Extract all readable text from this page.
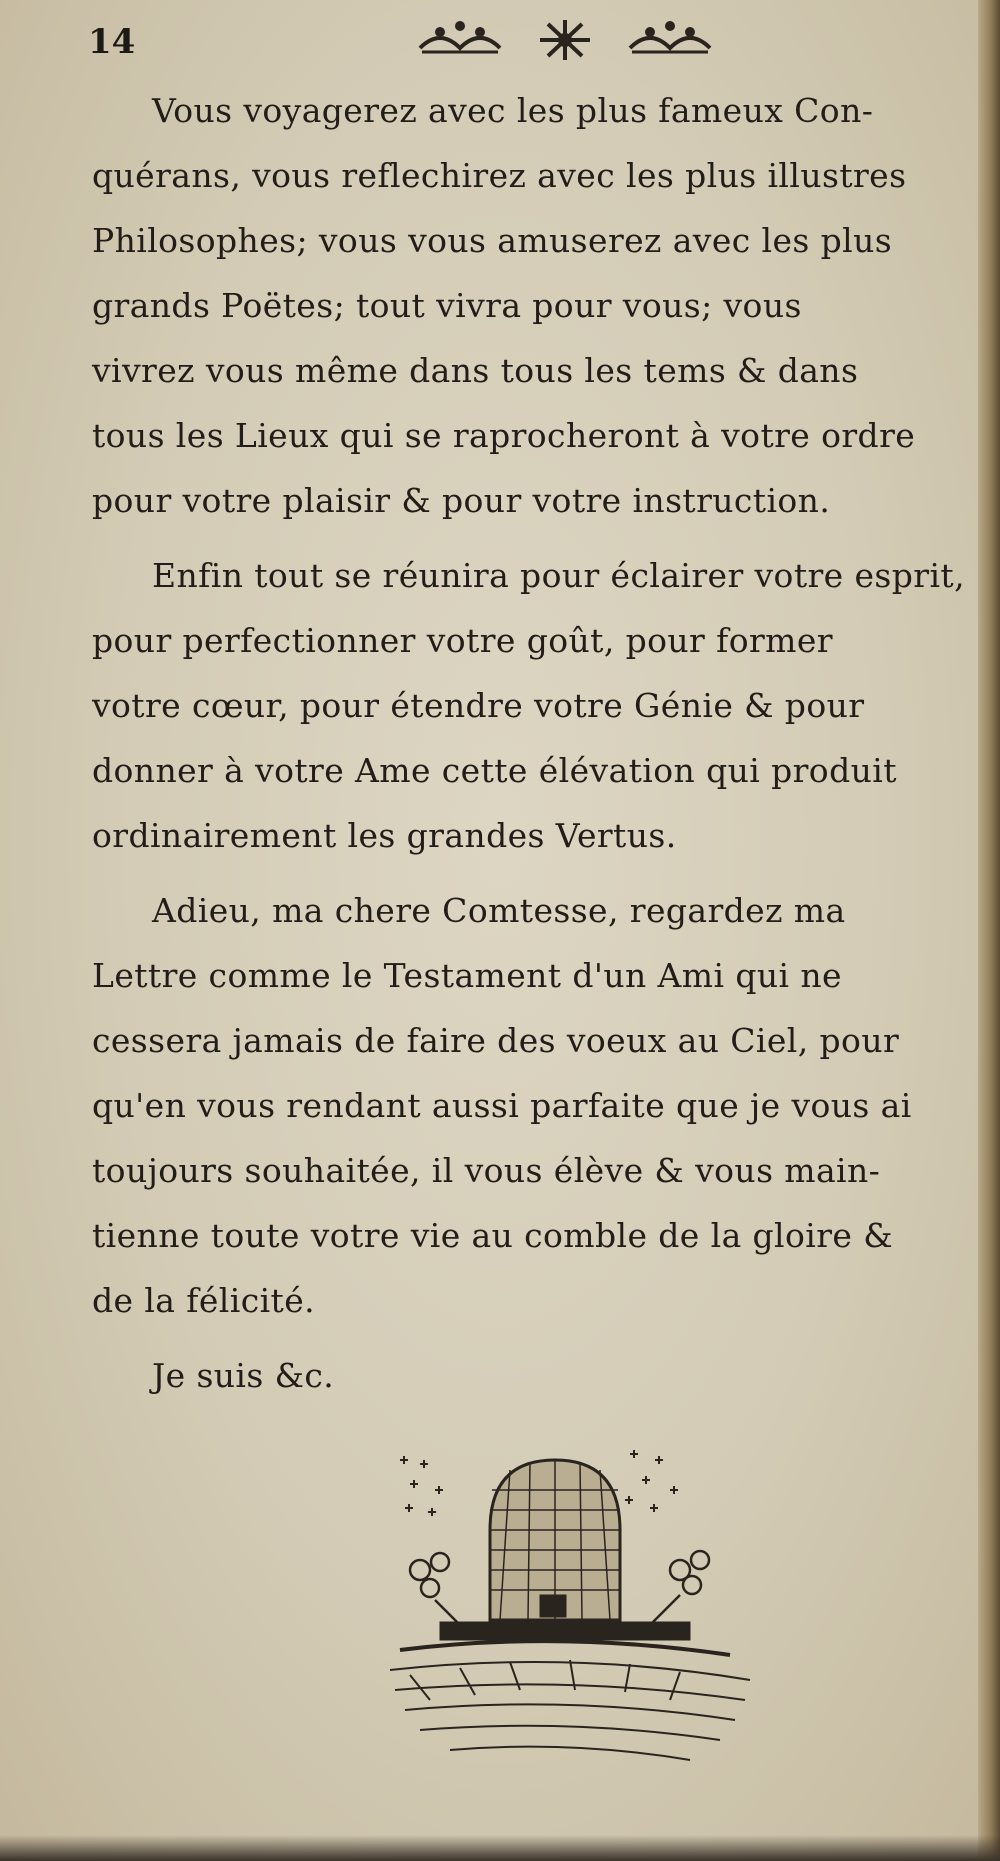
14
Vous voyagerez avec les plus fameux Con-
quérans, vous reflechirez avec les plus illustres
Philosophes; vous vous amuserez avec les plus
grands Poëtes; tout vivra pour vous; vous
vivrez vous même dans tous les tems & dans
tous les Lieux qui se raprocheront à votre ordre
pour votre plaisir & pour votre instruction.
Enfin tout se réunira pour éclairer votre esprit,
pour perfectionner votre goût, pour former
votre cœur, pour étendre votre Génie & pour
donner à votre Ame cette élévation qui produit
ordinairement les grandes Vertus.
Adieu, ma chere Comtesse, regardez ma
Lettre comme le Testament d'un Ami qui ne
cessera jamais de faire des voeux au Ciel, pour
qu'en vous rendant aussi parfaite que je vous ai
toujours souhaitée, il vous élève & vous main-
tienne toute votre vie au comble de la gloire &
de la félicité.
Je suis &c.
